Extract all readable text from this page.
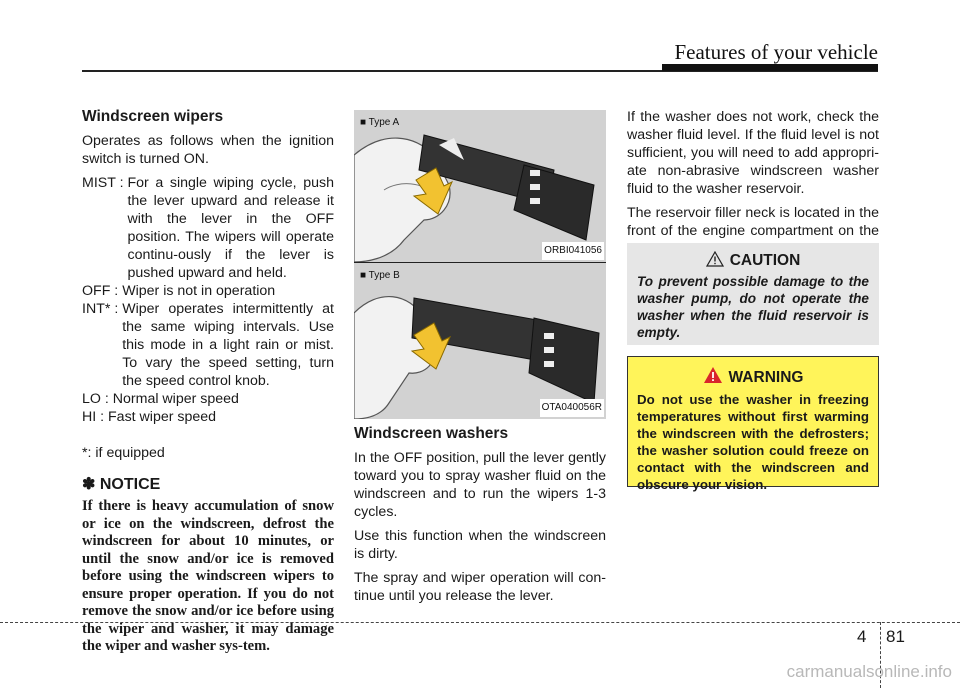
Features of your vehicle
Windscreen wipers

Operates as follows when the ignition switch is turned ON.

MIST : For a single wiping cycle, push the lever upward and release it with the lever in the OFF position. The wipers will operate continu-ously if the lever is pushed upward and held.
OFF : Wiper is not in operation
INT* : Wiper operates intermittently at the same wiping intervals. Use this mode in a light rain or mist. To vary the speed setting, turn the speed control knob.
LO : Normal wiper speed
HI : Fast wiper speed

*: if equipped

✽ NOTICE

If there is heavy accumulation of snow or ice on the windscreen, defrost the windscreen for about 10 minutes, or until the snow and/or ice is removed before using the windscreen wipers to ensure proper operation. If you do not remove the snow and/or ice before using the wiper and washer, it may damage the wiper and washer sys-tem.

■ Type A
ORBI041056
■ Type B
OTA040056R
Windscreen washers

In the OFF position, pull the lever gently toward you to spray washer fluid on the windscreen and to run the wipers 1-3 cycles.

Use this function when the windscreen is dirty.

The spray and wiper operation will con-tinue until you release the lever.

If the washer does not work, check the washer fluid level. If the fluid level is not sufficient, you will need to add appropri-ate non-abrasive windscreen washer fluid to the washer reservoir.

The reservoir filler neck is located in the front of the engine compartment on the

CAUTION
To prevent possible damage to the washer pump, do not operate the washer when the fluid reservoir is empty.
WARNING
Do not use the washer in freezing temperatures without first warming the windscreen with the defrosters; the washer solution could freeze on contact with the windscreen and obscure your vision.
4 81
carmanualsonline.info
